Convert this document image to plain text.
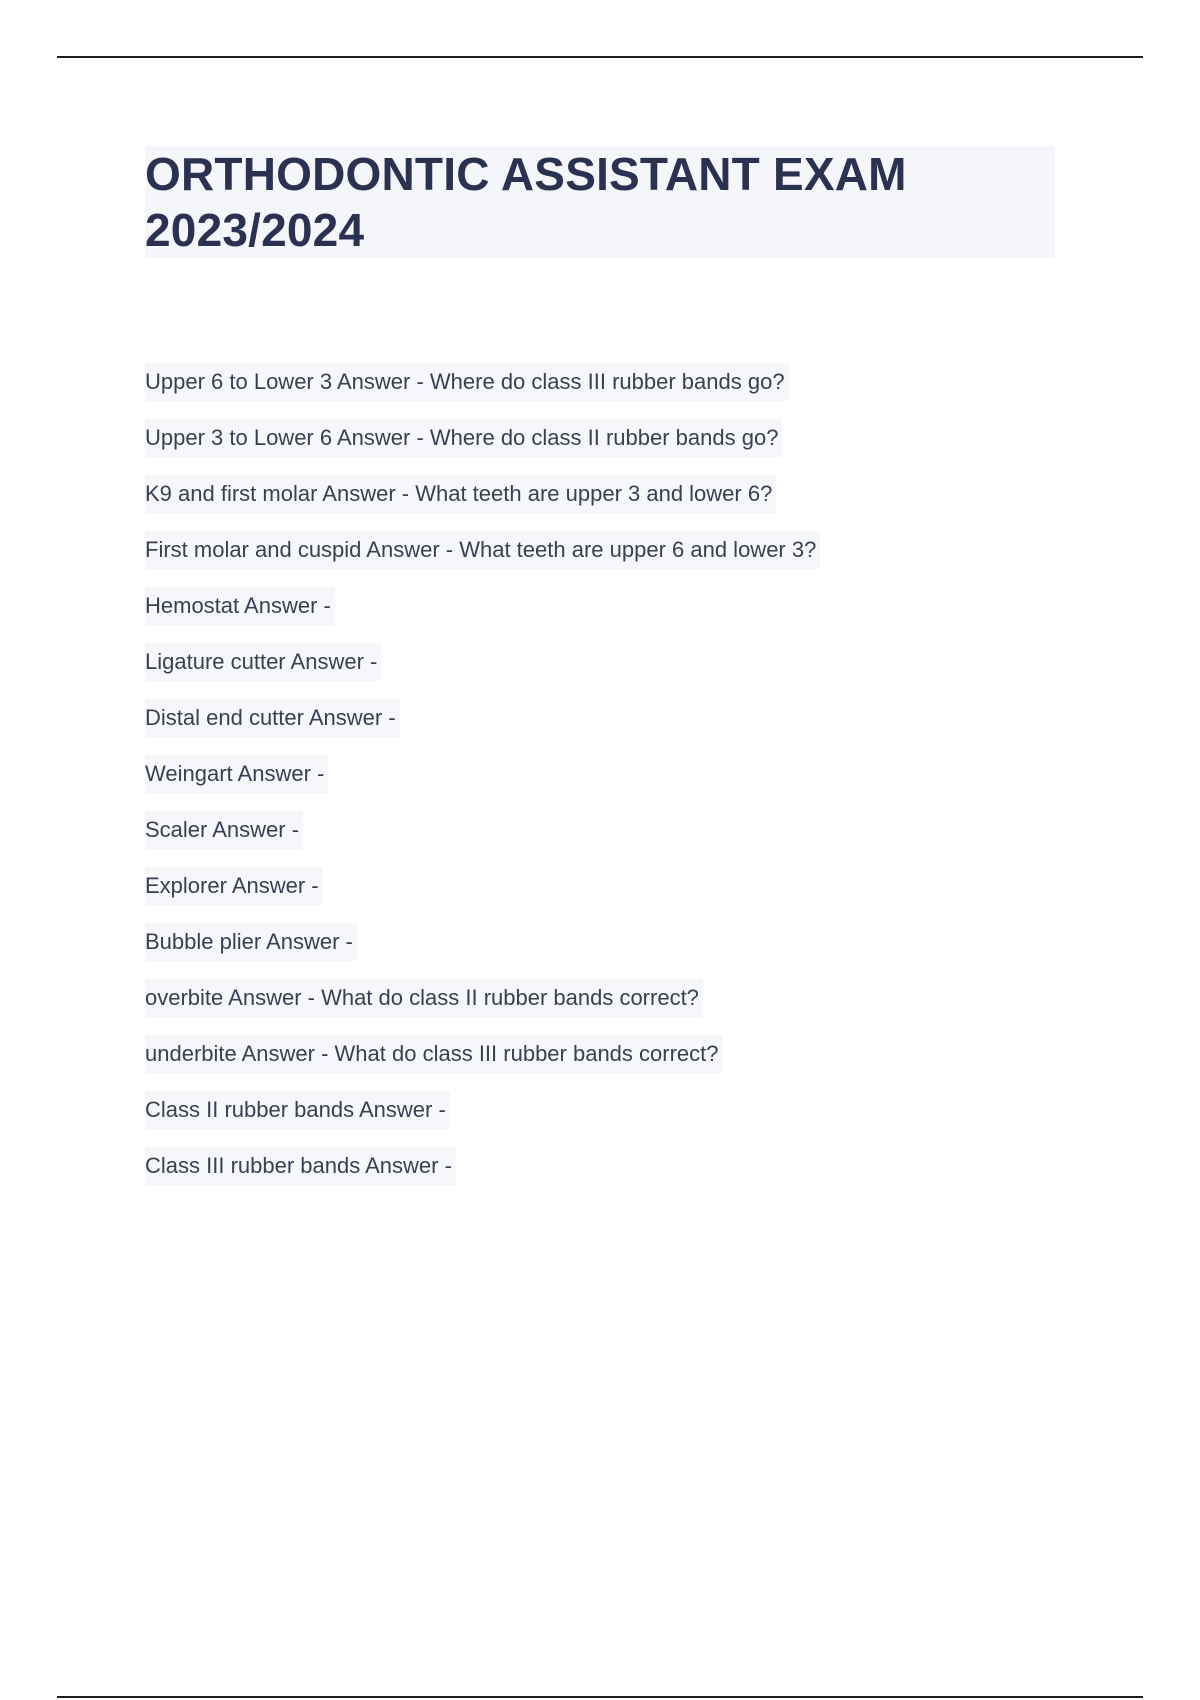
ORTHODONTIC ASSISTANT EXAM 2023/2024
Upper 6 to Lower 3 Answer - Where do class III rubber bands go?
Upper 3 to Lower 6 Answer - Where do class II rubber bands go?
K9 and first molar Answer - What teeth are upper 3 and lower 6?
First molar and cuspid Answer - What teeth are upper 6 and lower 3?
Hemostat Answer -
Ligature cutter Answer -
Distal end cutter Answer -
Weingart Answer -
Scaler Answer -
Explorer Answer -
Bubble plier Answer -
overbite Answer - What do class II rubber bands correct?
underbite Answer - What do class III rubber bands correct?
Class II rubber bands Answer -
Class III rubber bands Answer -
